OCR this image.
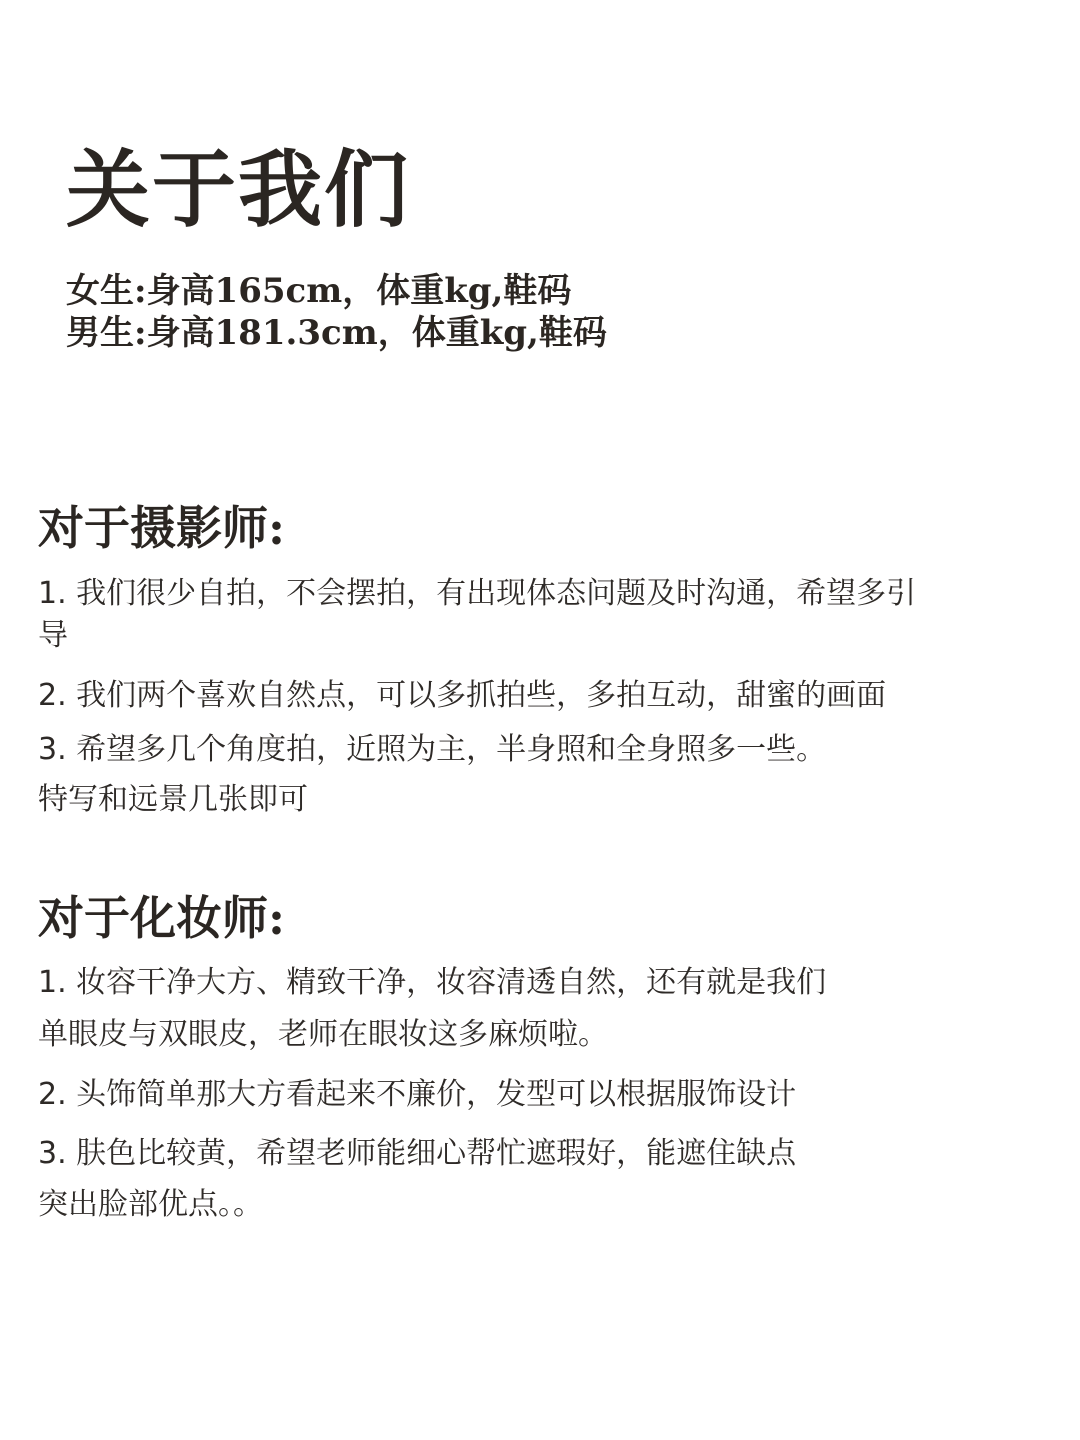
关于我们
女生:身高165cm，体重kg,鞋码
男生:身高181.3cm，体重kg,鞋码
对于摄影师:
1. 我们很少自拍，不会摆拍，有出现体态问题及时沟通，希望多引
导
2. 我们两个喜欢自然点，可以多抓拍些，多拍互动，甜蜜的画面
3. 希望多几个角度拍，近照为主，半身照和全身照多一些。
特写和远景几张即可
对于化妆师:
1. 妆容干净大方、精致干净，妆容清透自然，还有就是我们
单眼皮与双眼皮，老师在眼妆这多麻烦啦。
2. 头饰简单那大方看起来不廉价，发型可以根据服饰设计
3. 肤色比较黄，希望老师能细心帮忙遮瑕好，能遮住缺点
突出脸部优点。。
